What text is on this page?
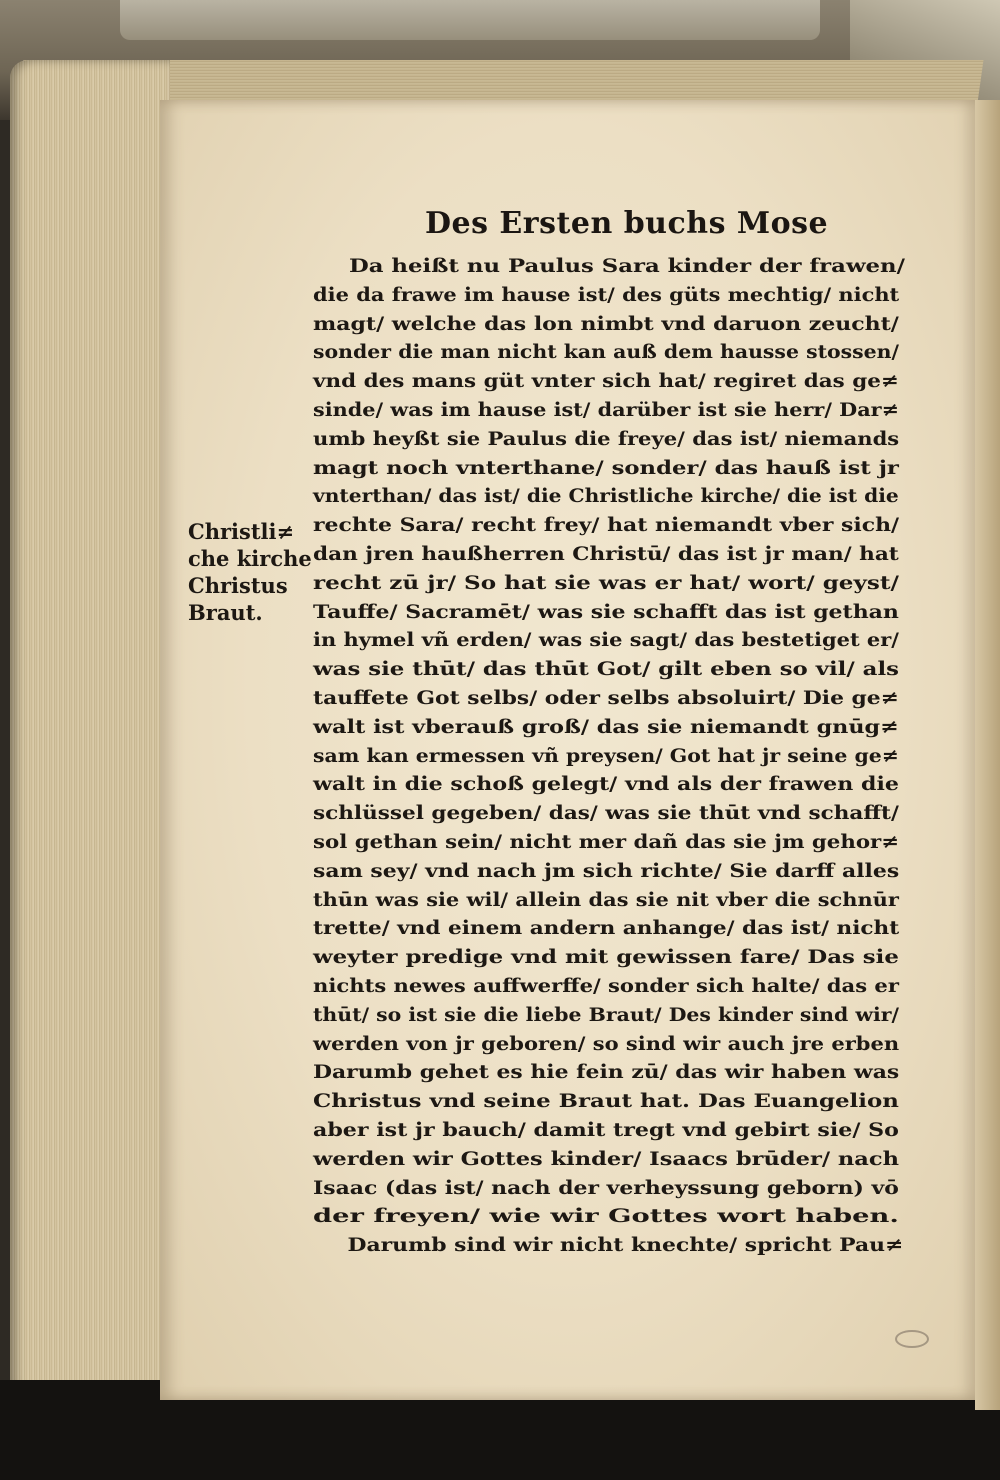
Des Ersten buchs Mose
Christli≠
che kirche
Christus
Braut.
Da heißt nu Paulus Sara kinder der frawen/
die da frawe im hause ist/ des güts mechtig/ nicht
magt/ welche das lon nimbt vnd daruon zeucht/
sonder die man nicht kan auß dem hausse stossen/
vnd des mans güt vnter sich hat/ regiret das ge≠
sinde/ was im hause ist/ darüber ist sie herr/ Dar≠
umb heyßt sie Paulus die freye/ das ist/ niemands
magt noch vnterthane/ sonder/ das hauß ist jr
vnterthan/ das ist/ die Christliche kirche/ die ist die
rechte Sara/ recht frey/ hat niemandt vber sich/
dan jren haußherren Christū/ das ist jr man/ hat
recht zū jr/ So hat sie was er hat/ wort/ geyst/
Tauffe/ Sacramēt/ was sie schafft das ist gethan
in hymel vñ erden/ was sie sagt/ das bestetiget er/
was sie thūt/ das thūt Got/ gilt eben so vil/ als
tauffete Got selbs/ oder selbs absoluirt/ Die ge≠
walt ist vberauß groß/ das sie niemandt gnūg≠
sam kan ermessen vñ preysen/ Got hat jr seine ge≠
walt in die schoß gelegt/ vnd als der frawen die
schlüssel gegeben/ das/ was sie thūt vnd schafft/
sol gethan sein/ nicht mer dañ das sie jm gehor≠
sam sey/ vnd nach jm sich richte/ Sie darff alles
thūn was sie wil/ allein das sie nit vber die schnūr
trette/ vnd einem andern anhange/ das ist/ nicht
weyter predige vnd mit gewissen fare/ Das sie
nichts newes auffwerffe/ sonder sich halte/ das er
thūt/ so ist sie die liebe Braut/ Des kinder sind wir/
werden von jr geboren/ so sind wir auch jre erben
Darumb gehet es hie fein zū/ das wir haben was
Christus vnd seine Braut hat. Das Euangelion
aber ist jr bauch/ damit tregt vnd gebirt sie/ So
werden wir Gottes kinder/ Isaacs brūder/ nach
Isaac (das ist/ nach der verheyssung geborn) vō
der freyen/ wie wir Gottes wort haben.
Darumb sind wir nicht knechte/ spricht Pau≠
